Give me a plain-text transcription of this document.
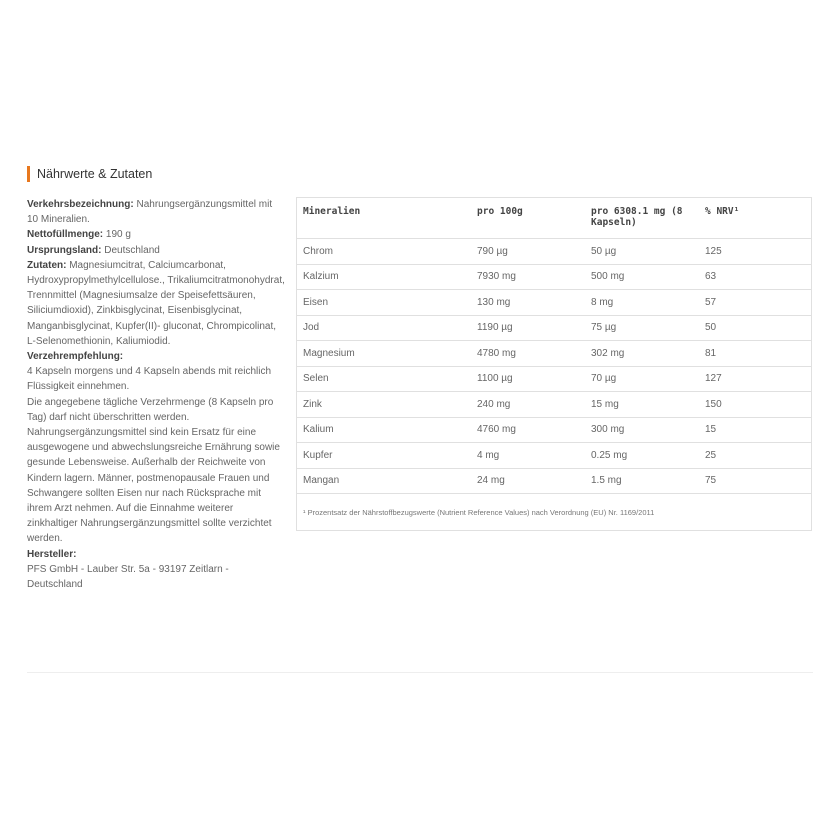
Nährwerte & Zutaten

Verkehrsbezeichnung: Nahrungsergänzungsmittel mit 10 Mineralien.

Nettofüllmenge: 190 g

Ursprungsland: Deutschland

Zutaten: Magnesiumcitrat, Calciumcarbonat, Hydroxypropylmethylcellulose., Trikaliumcitratmonohydrat, Trennmittel (Magnesiumsalze der Speisefettsäuren, Siliciumdioxid), Zinkbisglycinat, Eisenbisglycinat, Manganbisglycinat, Kupfer(II)- gluconat, Chrompicolinat, L-Selenomethionin, Kaliumiodid.

Verzehrempfehlung:

4 Kapseln morgens und 4 Kapseln abends mit reichlich Flüssigkeit einnehmen.

Die angegebene tägliche Verzehrmenge (8 Kapseln pro Tag) darf nicht überschritten werden. Nahrungsergänzungsmittel sind kein Ersatz für eine ausgewogene und abwechslungsreiche Ernährung sowie gesunde Lebensweise. Außerhalb der Reichweite von Kindern lagern. Männer, postmenopausale Frauen und Schwangere sollten Eisen nur nach Rücksprache mit ihrem Arzt nehmen. Auf die Einnahme weiterer zinkhaltiger Nahrungsergänzungsmittel sollte verzichtet werden.

Hersteller:

PFS GmbH - Lauber Str. 5a - 93197 Zeitlarn - Deutschland

Mineralien	pro 100g	pro 6308.1 mg (8 Kapseln)	% NRV¹
Chrom	790 µg	50 µg	125
Kalzium	7930 mg	500 mg	63
Eisen	130 mg	8 mg	57
Jod	1190 µg	75 µg	50
Magnesium	4780 mg	302 mg	81
Selen	1100 µg	70 µg	127
Zink	240 mg	15 mg	150
Kalium	4760 mg	300 mg	15
Kupfer	4 mg	0.25 mg	25
Mangan	24 mg	1.5 mg	75
¹ Prozentsatz der Nährstoffbezugswerte (Nutrient Reference Values) nach Verordnung (EU) Nr. 1169/2011			
